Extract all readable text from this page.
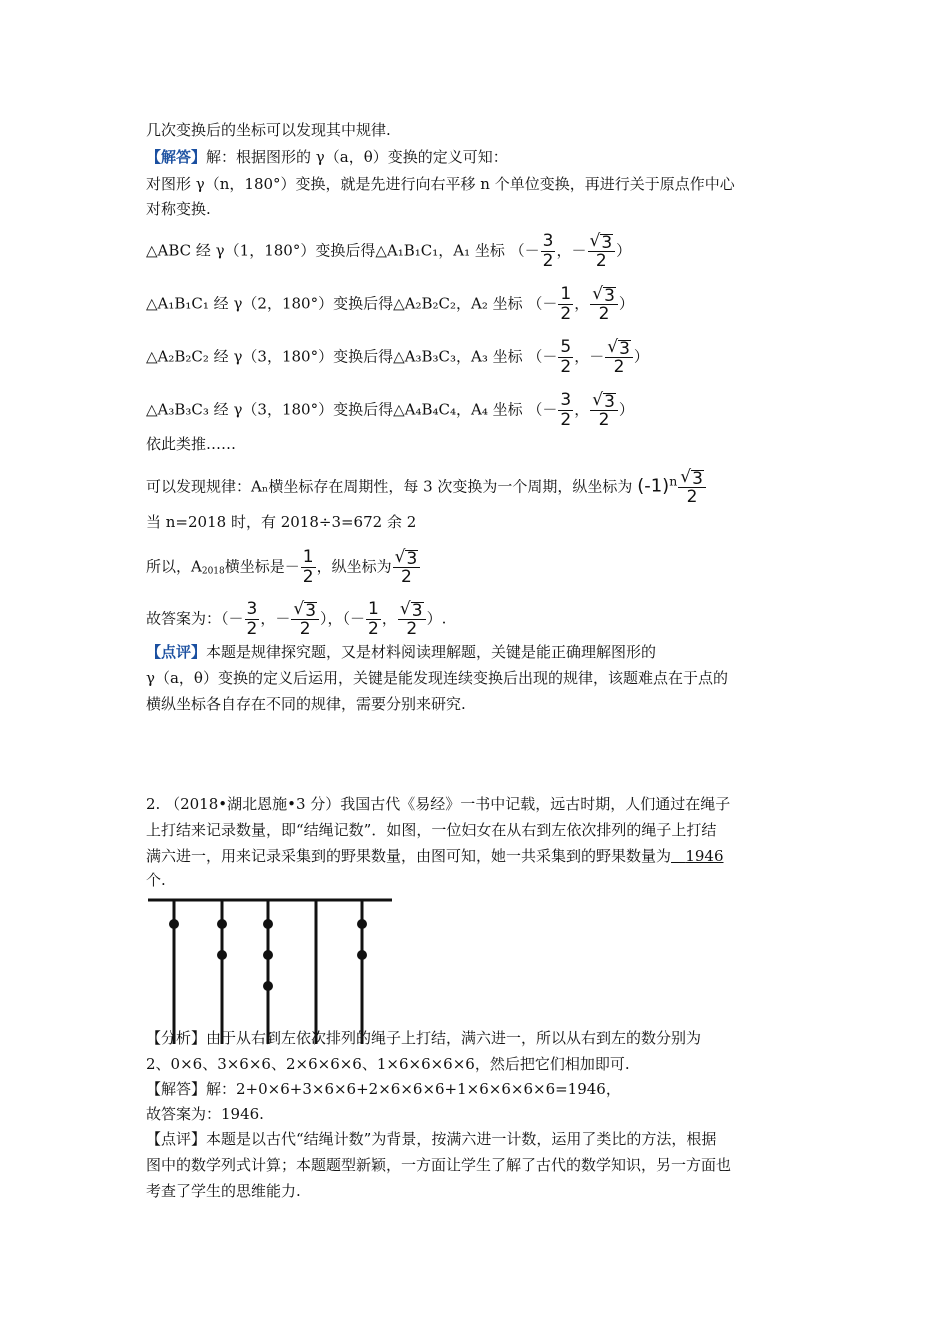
几次变换后的坐标可以发现其中规律.
【解答】解：根据图形的 γ（a，θ）变换的定义可知：
对图形 γ（n，180°）变换，就是先进行向右平移 n 个单位变换，再进行关于原点作中心
对称变换.
△ABC 经 γ（1，180°）变换后得△A₁B₁C₁，A₁ 坐标 （－ $\frac{3}{2}$ ，－ $\frac{√ 3}{2}$ ）
△A₁B₁C₁ 经 γ（2，180°）变换后得△A₂B₂C₂，A₂ 坐标 （－ $\frac{1}{2}$ ， $\frac{√ 3}{2}$ ）
△A₂B₂C₂ 经 γ（3，180°）变换后得△A₃B₃C₃，A₃ 坐标 （－ $\frac{5}{2}$ ，－ $\frac{√ 3}{2}$ ）
△A₃B₃C₃ 经 γ（3，180°）变换后得△A₄B₄C₄，A₄ 坐标 （－ $\frac{3}{2}$ ， $\frac{√ 3}{2}$ ）
依此类推……
可以发现规律：Aₙ横坐标存在周期性，每 3 次变换为一个周期，纵坐标为 $(-1)^n \frac{√ 3}{2}$
当 n=2018 时，有 2018÷3=672 余 2
所以，$A_{2018}$横坐标是－ $\frac{1}{2}$ ，纵坐标为 $\frac{√ 3}{2}$
故答案为：（－ $\frac{3}{2}$ ，－ $\frac{√ 3}{2}$ ），（－ $\frac{1}{2}$ ， $\frac{√ 3}{2}$ ）.
【点评】本题是规律探究题，又是材料阅读理解题，关键是能正确理解图形的
γ（a，θ）变换的定义后运用，关键是能发现连续变换后出现的规律，该题难点在于点的
横纵坐标各自存在不同的规律，需要分别来研究.
2. （2018•湖北恩施•3 分）我国古代《易经》一书中记载，远古时期，人们通过在绳子
上打结来记录数量，即“结绳记数”．如图，一位妇女在从右到左依次排列的绳子上打结
满六进一，用来记录采集到的野果数量，由图可知，她一共采集到的野果数量为 1946
个.
【分析】由于从右到左依次排列的绳子上打结，满六进一，所以从右到左的数分别为
2、0×6、3×6×6、2×6×6×6、1×6×6×6×6，然后把它们相加即可.
【解答】解：2+0×6+3×6×6+2×6×6×6+1×6×6×6×6=1946，
故答案为：1946.
【点评】本题是以古代“结绳计数”为背景，按满六进一计数，运用了类比的方法，根据
图中的数学列式计算；本题题型新颖，一方面让学生了解了古代的数学知识，另一方面也
考查了学生的思维能力.
